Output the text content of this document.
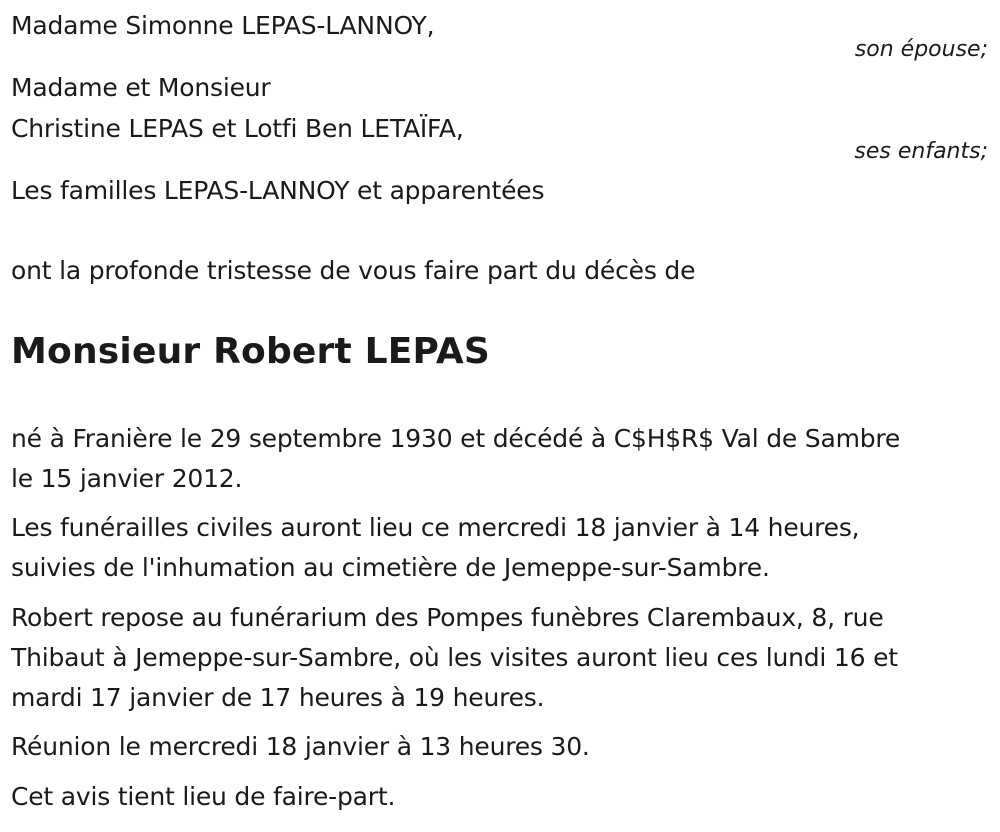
Madame Simonne LEPAS-LANNOY,
son épouse;
Madame et Monsieur
Christine LEPAS et Lotfi Ben LETAÏFA,
ses enfants;
Les familles LEPAS-LANNOY et apparentées
ont la profonde tristesse de vous faire part du décès de
Monsieur Robert LEPAS
né à Franière le 29 septembre 1930 et décédé à C$H$R$ Val de Sambre
le 15 janvier 2012.
Les funérailles civiles auront lieu ce mercredi 18 janvier à 14 heures,
suivies de l'inhumation au cimetière de Jemeppe-sur-Sambre.
Robert repose au funérarium des Pompes funèbres Clarembaux, 8, rue
Thibaut à Jemeppe-sur-Sambre, où les visites auront lieu ces lundi 16 et
mardi 17 janvier de 17 heures à 19 heures.
Réunion le mercredi 18 janvier à 13 heures 30.
Cet avis tient lieu de faire-part.
